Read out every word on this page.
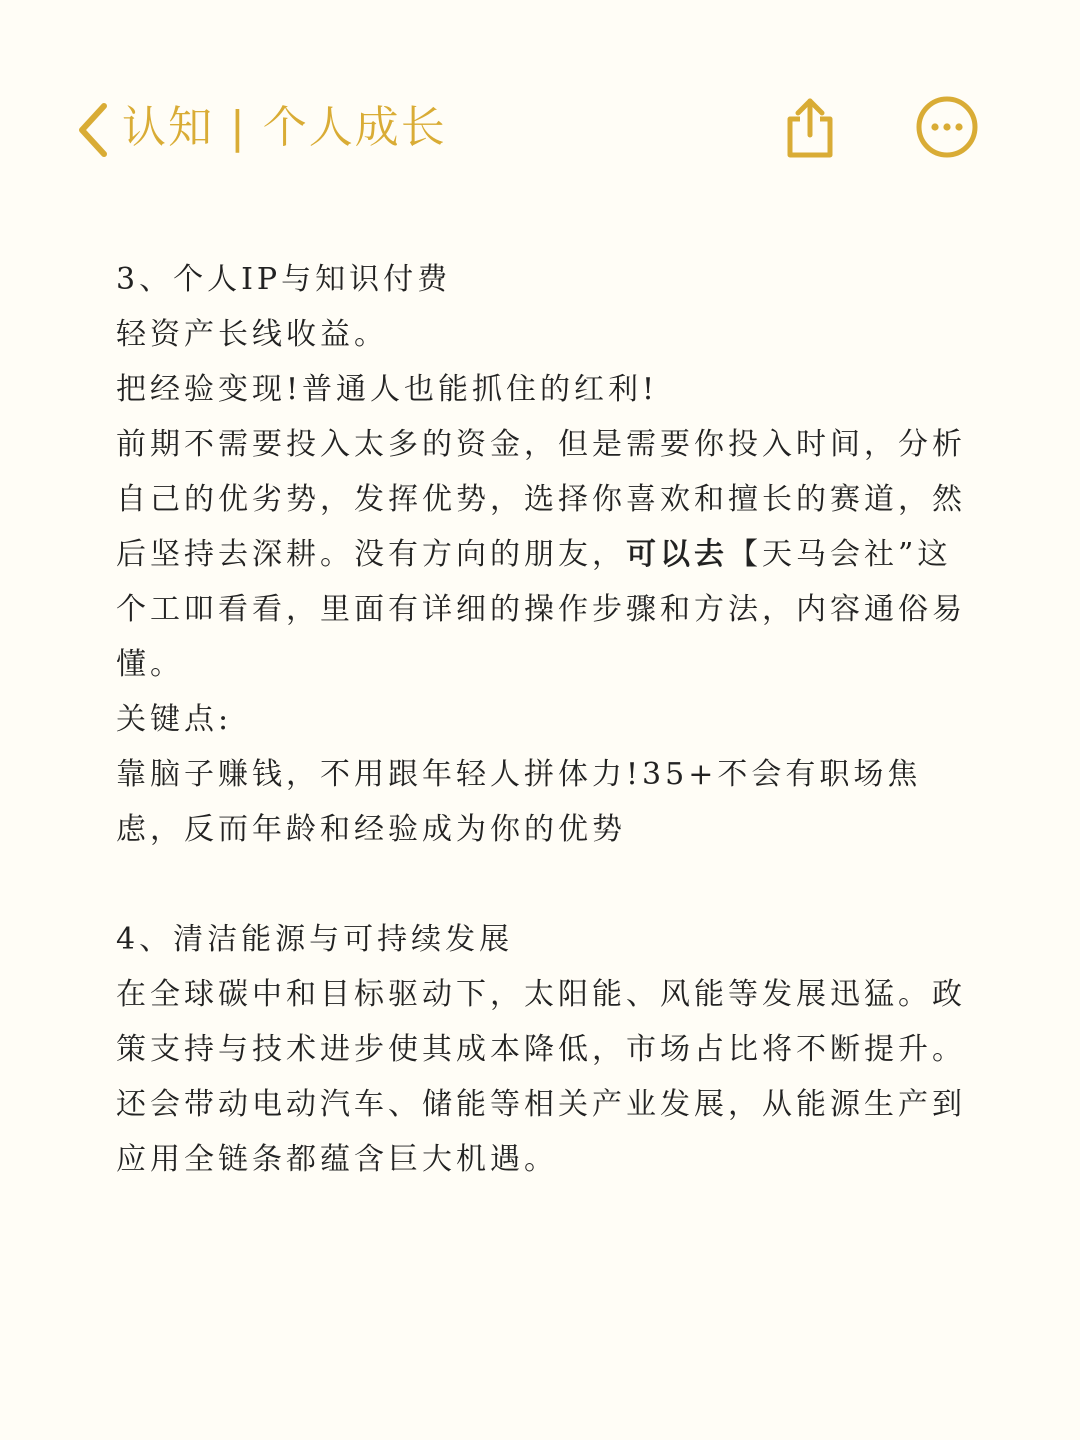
认知 | 个人成长

3、个人IP与知识付费

轻资产长线收益。

把经验变现!普通人也能抓住的红利!

前期不需要投入太多的资金，但是需要你投入时间，分析自己的优劣势，发挥优势，选择你喜欢和擅长的赛道，然后坚持去深耕。没有方向的朋友，可以去【天马会社”这个工吅看看，里面有详细的操作步骤和方法，内容通俗易懂。

关键点:

靠脑子赚钱，不用跟年轻人拼体力!35+不会有职场焦虑，反而年龄和经验成为你的优势

4、清洁能源与可持续发展

在全球碳中和目标驱动下，太阳能、风能等发展迅猛。政策支持与技术进步使其成本降低，市场占比将不断提升。还会带动电动汽车、储能等相关产业发展，从能源生产到应用全链条都蕴含巨大机遇。
